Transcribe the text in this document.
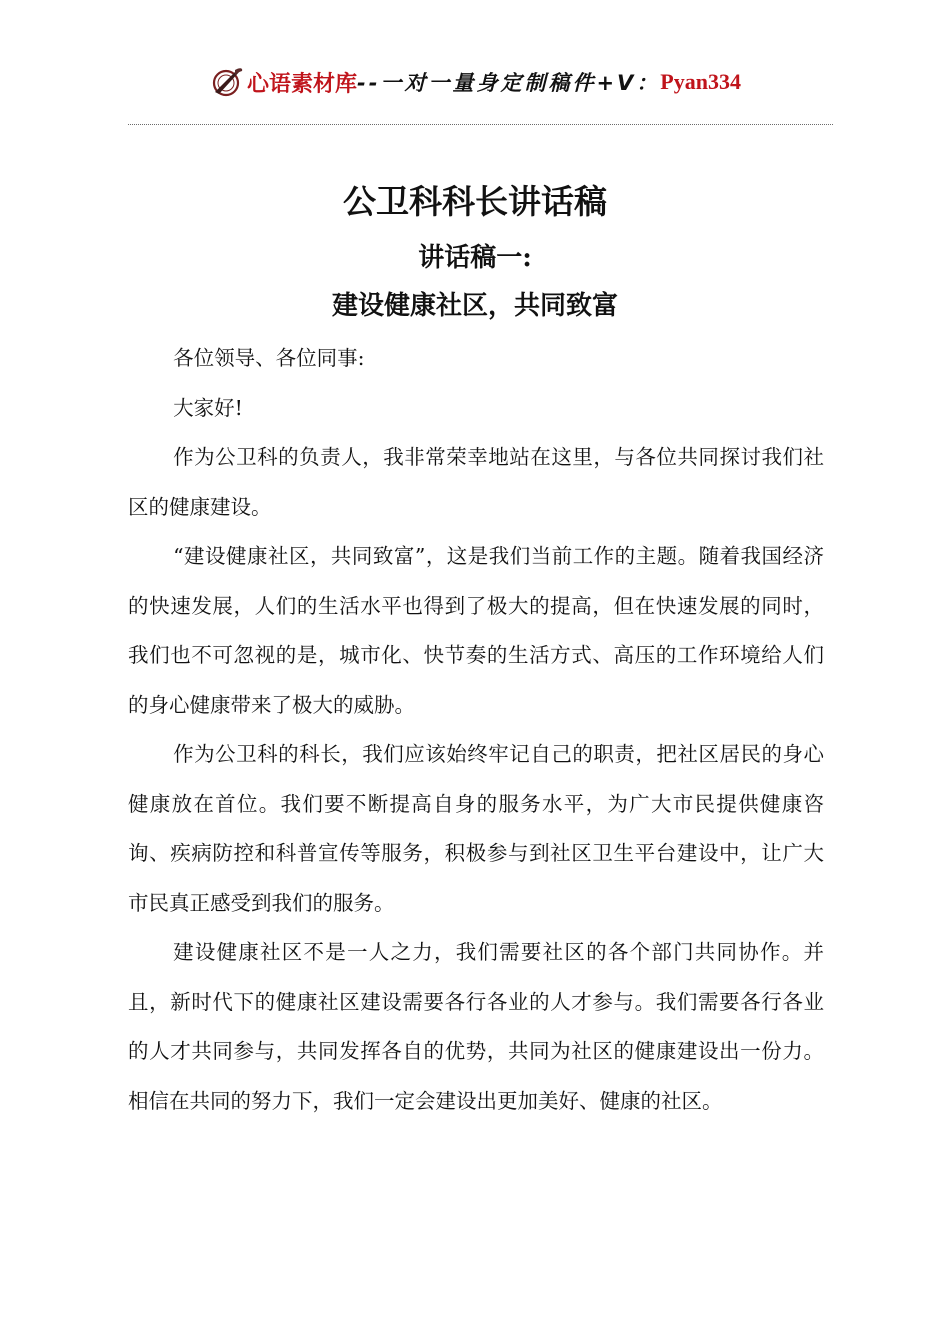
心语素材库 --一对一量身定制稿件+V： Pyan334
公卫科科长讲话稿
讲话稿一:
建设健康社区，共同致富

各位领导、各位同事:

大家好!

作为公卫科的负责人，我非常荣幸地站在这里，与各位共同探讨我们社区的健康建设。

“建设健康社区，共同致富”，这是我们当前工作的主题。随着我国经济的快速发展，人们的生活水平也得到了极大的提高，但在快速发展的同时，我们也不可忽视的是，城市化、快节奏的生活方式、高压的工作环境给人们的身心健康带来了极大的威胁。

作为公卫科的科长，我们应该始终牢记自己的职责，把社区居民的身心健康放在首位。我们要不断提高自身的服务水平，为广大市民提供健康咨询、疾病防控和科普宣传等服务，积极参与到社区卫生平台建设中，让广大市民真正感受到我们的服务。

建设健康社区不是一人之力，我们需要社区的各个部门共同协作。并且，新时代下的健康社区建设需要各行各业的人才参与。我们需要各行各业的人才共同参与，共同发挥各自的优势，共同为社区的健康建设出一份力。相信在共同的努力下，我们一定会建设出更加美好、健康的社区。
